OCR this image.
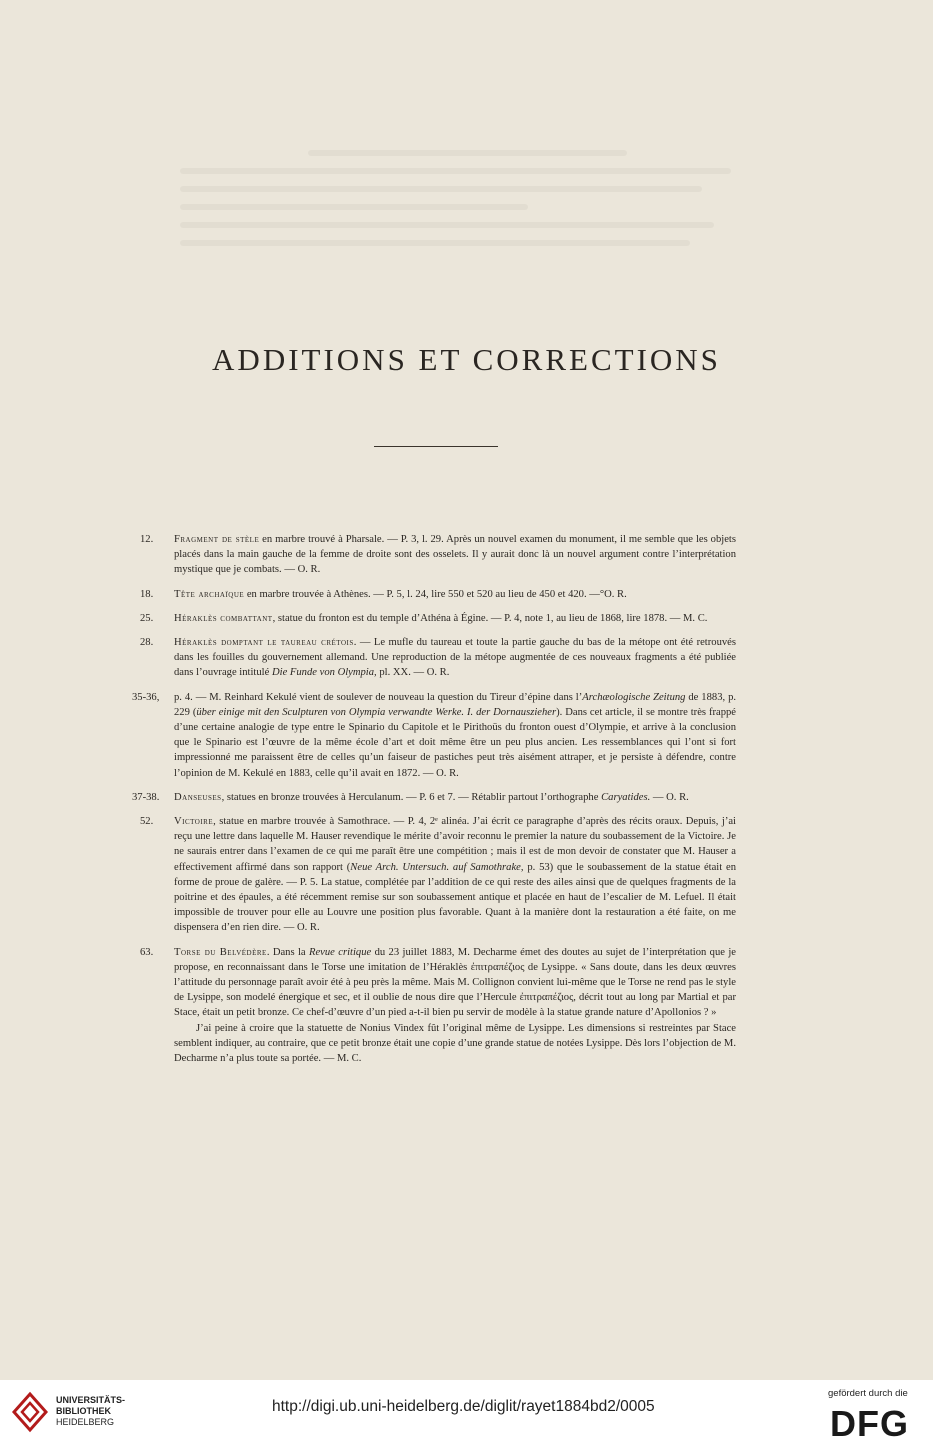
ADDITIONS ET CORRECTIONS
12. Fragment de stèle en marbre trouvé à Pharsale. — P. 3, l. 29. Après un nouvel examen du monument, il me semble que les objets placés dans la main gauche de la femme de droite sont des osselets. Il y aurait donc là un nouvel argument contre l’interprétation mystique que je combats. — O. R.

18. Tête archaïque en marbre trouvée à Athènes. — P. 5, l. 24, lire 550 et 520 au lieu de 450 et 420. —°O. R.

25. Héraklès combattant, statue du fronton est du temple d’Athéna à Égine. — P. 4, note 1, au lieu de 1868, lire 1878. — M. C.

28. Héraklès domptant le taureau crétois. — Le mufle du taureau et toute la partie gauche du bas de la métope ont été retrouvés dans les fouilles du gouvernement allemand. Une reproduction de la métope augmentée de ces nouveaux fragments a été publiée dans l’ouvrage intitulé Die Funde von Olympia, pl. XX. — O. R.

35-36, p. 4. — M. Reinhard Kekulé vient de soulever de nouveau la question du Tireur d’épine dans l’Archæologische Zeitung de 1883, p. 229 (über einige mit den Sculpturen von Olympia verwandte Werke. I. der Dornauszieher). Dans cet article, il se montre très frappé d’une certaine analogie de type entre le Spinario du Capitole et le Pirithoüs du fronton ouest d’Olympie, et arrive à la conclusion que le Spinario est l’œuvre de la même école d’art et doit même être un peu plus ancien. Les ressemblances qui l’ont si fort impressionné me paraissent être de celles qu’un faiseur de pastiches peut très aisément attraper, et je persiste à défendre, contre l’opinion de M. Kekulé en 1883, celle qu’il avait en 1872. — O. R.

37-38. Danseuses, statues en bronze trouvées à Herculanum. — P. 6 et 7. — Rétablir partout l’orthographe Caryatides. — O. R.

52. Victoire, statue en marbre trouvée à Samothrace. — P. 4, 2ᵉ alinéa. J’ai écrit ce paragraphe d’après des récits oraux. Depuis, j’ai reçu une lettre dans laquelle M. Hauser revendique le mérite d’avoir reconnu le premier la nature du soubassement de la Victoire. Je ne saurais entrer dans l’examen de ce qui me paraît être une compétition ; mais il est de mon devoir de constater que M. Hauser a effectivement affirmé dans son rapport (Neue Arch. Untersuch. auf Samothrake, p. 53) que le soubassement de la statue était en forme de proue de galère. — P. 5. La statue, complétée par l’addition de ce qui reste des ailes ainsi que de quelques fragments de la poitrine et des épaules, a été récemment remise sur son soubassement antique et placée en haut de l’escalier de M. Lefuel. Il était impossible de trouver pour elle au Louvre une position plus favorable. Quant à la manière dont la restauration a été faite, on me dispensera d’en rien dire. — O. R.

63. Torse du Belvédère. Dans la Revue critique du 23 juillet 1883, M. Decharme émet des doutes au sujet de l’interprétation que je propose, en reconnaissant dans le Torse une imitation de l’Héraklès ἐπιτραπέζιος de Lysippe. « Sans doute, dans les deux œuvres l’attitude du personnage paraît avoir été à peu près la même. Mais M. Collignon convient lui-même que le Torse ne rend pas le style de Lysippe, son modelé énergique et sec, et il oublie de nous dire que l’Hercule ἐπιτραπέζιος, décrit tout au long par Martial et par Stace, était un petit bronze. Ce chef-d’œuvre d’un pied a-t-il bien pu servir de modèle à la statue grande nature d’Apollonios ? »

J’ai peine à croire que la statuette de Nonius Vindex fût l’original même de Lysippe. Les dimensions si restreintes par Stace semblent indiquer, au contraire, que ce petit bronze était une copie d’une grande statue de notées Lysippe. Dès lors l’objection de M. Decharme n’a plus toute sa portée. — M. C.

UNIVERSITÄTS-
BIBLIOTHEK
HEIDELBERG
http://digi.ub.uni-heidelberg.de/diglit/rayet1884bd2/0005
gefördert durch die
DFG
